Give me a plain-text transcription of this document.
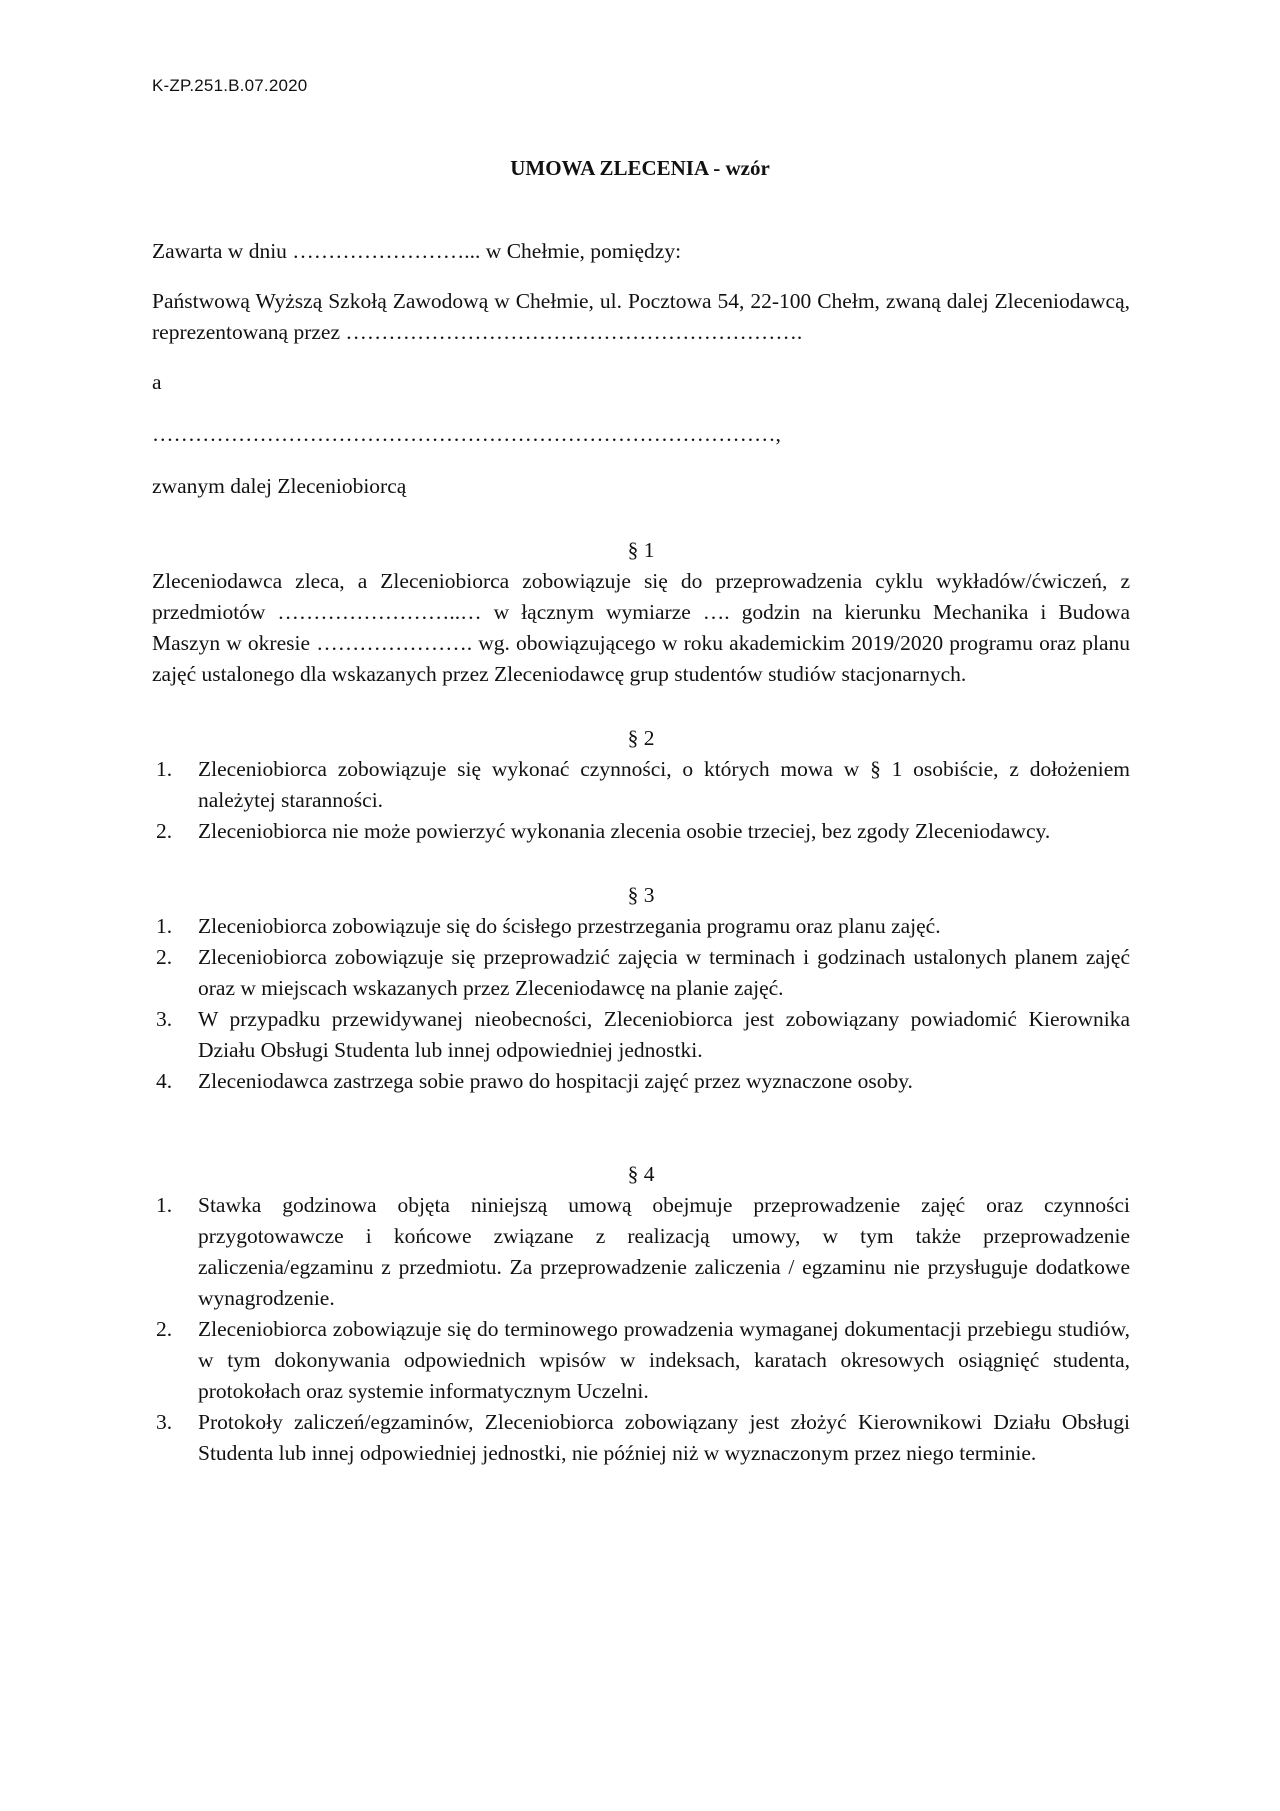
K-ZP.251.B.07.2020
UMOWA ZLECENIA - wzór

Zawarta w dniu ……………………... w Chełmie, pomiędzy:

Państwową Wyższą Szkołą Zawodową w Chełmie, ul. Pocztowa 54, 22-100 Chełm, zwaną dalej Zleceniodawcą, reprezentowaną przez ……………………………………………………….

a

……………………………………………………………………………,

zwanym dalej Zleceniobiorcą

§ 1

Zleceniodawca zleca, a Zleceniobiorca zobowiązuje się do przeprowadzenia cyklu wykładów/ćwiczeń, z przedmiotów ……………………..… w łącznym wymiarze …. godzin na kierunku Mechanika i Budowa Maszyn w okresie …………………. wg. obowiązującego w roku akademickim 2019/2020 programu oraz planu zajęć ustalonego dla wskazanych przez Zleceniodawcę grup studentów studiów stacjonarnych.

§ 2

1. Zleceniobiorca zobowiązuje się wykonać czynności, o których mowa w § 1 osobiście, z dołożeniem należytej staranności.
2. Zleceniobiorca nie może powierzyć wykonania zlecenia osobie trzeciej, bez zgody Zleceniodawcy.

§ 3

1. Zleceniobiorca zobowiązuje się do ścisłego przestrzegania programu oraz planu zajęć.
2. Zleceniobiorca zobowiązuje się przeprowadzić zajęcia w terminach i godzinach ustalonych planem zajęć oraz w miejscach wskazanych przez Zleceniodawcę na planie zajęć.
3. W przypadku przewidywanej nieobecności, Zleceniobiorca jest zobowiązany powiadomić Kierownika Działu Obsługi Studenta lub innej odpowiedniej jednostki.
4. Zleceniodawca zastrzega sobie prawo do hospitacji zajęć przez wyznaczone osoby.

§ 4

1. Stawka godzinowa objęta niniejszą umową obejmuje przeprowadzenie zajęć oraz czynności przygotowawcze i końcowe związane z realizacją umowy, w tym także przeprowadzenie zaliczenia/egzaminu z przedmiotu. Za przeprowadzenie zaliczenia / egzaminu nie przysługuje dodatkowe wynagrodzenie.
2. Zleceniobiorca zobowiązuje się do terminowego prowadzenia wymaganej dokumentacji przebiegu studiów, w tym dokonywania odpowiednich wpisów w indeksach, karatach okresowych osiągnięć studenta, protokołach oraz systemie informatycznym Uczelni.
3. Protokoły zaliczeń/egzaminów, Zleceniobiorca zobowiązany jest złożyć Kierownikowi Działu Obsługi Studenta lub innej odpowiedniej jednostki, nie później niż w wyznaczonym przez niego terminie.
